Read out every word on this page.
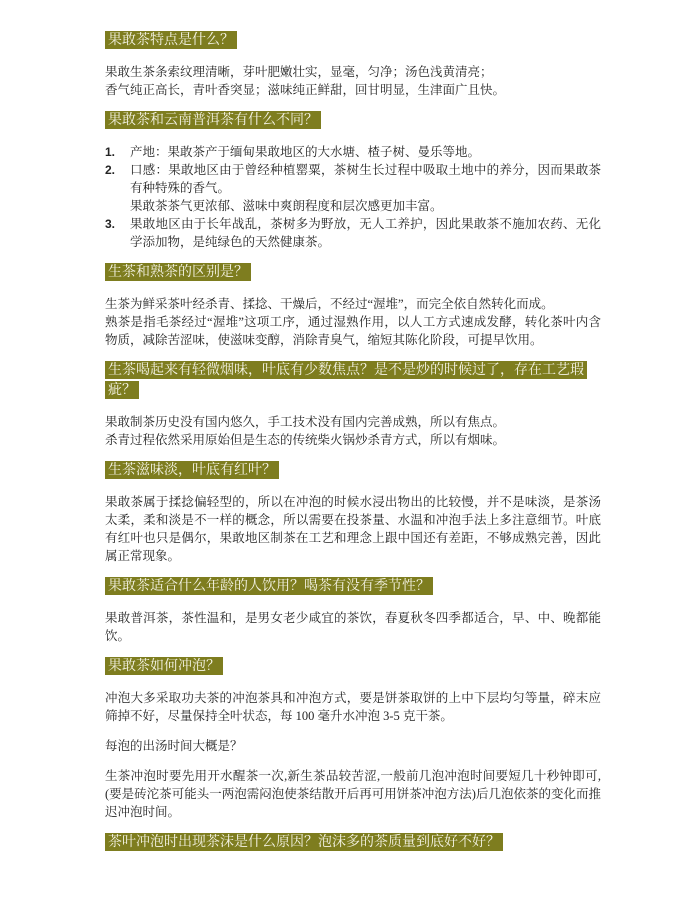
果敢茶特点是什么？

果敢生茶条索纹理清晰，芽叶肥嫩壮实，显毫，匀净；汤色浅黄清亮；
香气纯正高长，青叶香突显；滋味纯正鲜甜，回甘明显，生津面广且快。

果敢茶和云南普洱茶有什么不同？
1.	产地：果敢茶产于缅甸果敢地区的大水塘、楂子树、曼乐等地。
2.	口感：果敢地区由于曾经种植罂粟，茶树生长过程中吸取土地中的养分，因而果敢茶有种特殊的香气。
果敢茶茶气更浓郁、滋味中爽朗程度和层次感更加丰富。
3.	果敢地区由于长年战乱，茶树多为野放，无人工养护，因此果敢茶不施加农药、无化学添加物，是纯绿色的天然健康茶。
生茶和熟茶的区别是？

生茶为鲜采茶叶经杀青、揉捻、干燥后，不经过“渥堆”，而完全依自然转化而成。
熟茶是指毛茶经过“渥堆”这项工序，通过湿熟作用，以人工方式速成发酵，转化茶叶内含物质，减除苦涩味，使滋味变醇，消除青臭气，缩短其陈化阶段，可提早饮用。

生茶喝起来有轻微烟味，叶底有少数焦点？是不是炒的时候过了，存在工艺瑕疵？

果敢制茶历史没有国内悠久，手工技术没有国内完善成熟，所以有焦点。
杀青过程依然采用原始但是生态的传统柴火锅炒杀青方式，所以有烟味。

生茶滋味淡，叶底有红叶？

果敢茶属于揉捻偏轻型的，所以在冲泡的时候水浸出物出的比较慢，并不是味淡，是茶汤太柔，柔和淡是不一样的概念，所以需要在投茶量、水温和冲泡手法上多注意细节。叶底有红叶也只是偶尔，果敢地区制茶在工艺和理念上跟中国还有差距，不够成熟完善，因此属正常现象。

果敢茶适合什么年龄的人饮用？喝茶有没有季节性？

果敢普洱茶，茶性温和，是男女老少咸宜的茶饮，春夏秋冬四季都适合，早、中、晚都能饮。

果敢茶如何冲泡？

冲泡大多采取功夫茶的冲泡茶具和冲泡方式，要是饼茶取饼的上中下层均匀等量，碎末应筛掉不好，尽量保持全叶状态，每 100 毫升水冲泡 3-5 克干茶。

每泡的出汤时间大概是？

生茶冲泡时要先用开水醒茶一次,新生茶品较苦涩,一般前几泡冲泡时间要短几十秒钟即可,(要是砖沱茶可能头一两泡需闷泡使茶结散开后再可用饼茶冲泡方法)后几泡依茶的变化而推迟冲泡时间。

茶叶冲泡时出现茶沫是什么原因？泡沫多的茶质量到底好不好？
